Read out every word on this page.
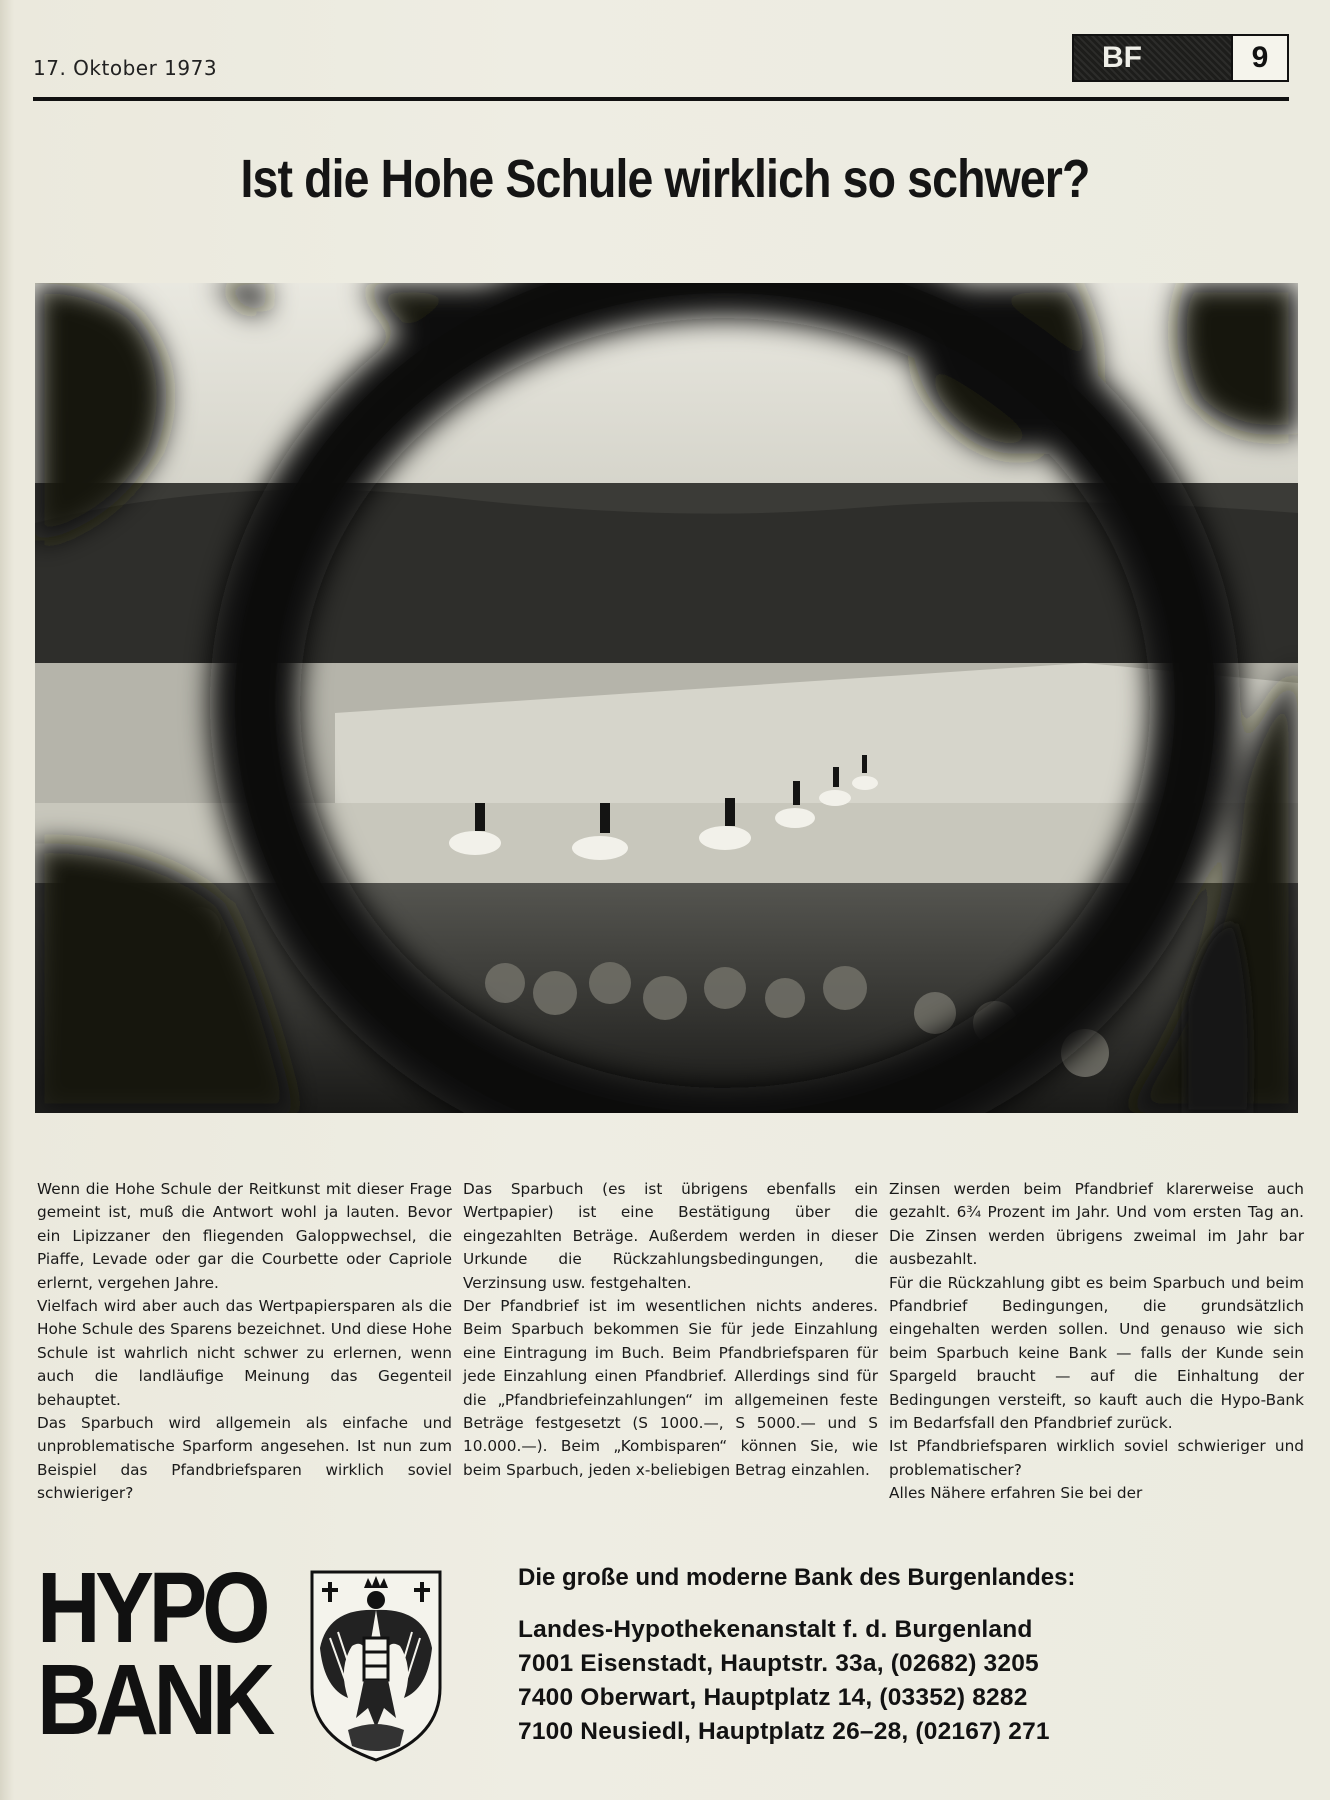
17. Oktober 1973	BF	9
Ist die Hohe Schule wirklich so schwer?

Wenn die Hohe Schule der Reitkunst mit dieser Frage gemeint ist, muß die Antwort wohl ja lauten. Bevor ein Lipizzaner den fliegenden Galoppwechsel, die Piaffe, Levade oder gar die Courbette oder Capriole erlernt, vergehen Jahre.

Vielfach wird aber auch das Wertpapiersparen als die Hohe Schule des Sparens bezeichnet. Und diese Hohe Schule ist wahrlich nicht schwer zu erlernen, wenn auch die landläufige Meinung das Gegenteil behauptet.

Das Sparbuch wird allgemein als einfache und unproblematische Sparform angesehen. Ist nun zum Beispiel das Pfandbriefsparen wirklich soviel schwieriger?

Das Sparbuch (es ist übrigens ebenfalls ein Wertpapier) ist eine Bestätigung über die eingezahlten Beträge. Außerdem werden in dieser Urkunde die Rückzahlungsbedingungen, die Verzinsung usw. festgehalten.

Der Pfandbrief ist im wesentlichen nichts anderes. Beim Sparbuch bekommen Sie für jede Einzahlung eine Eintragung im Buch. Beim Pfandbriefsparen für jede Einzahlung einen Pfandbrief. Allerdings sind für die „Pfandbriefeinzahlungen“ im allgemeinen feste Beträge festgesetzt (S 1000.—, S 5000.— und S 10.000.—). Beim „Kombisparen“ können Sie, wie beim Sparbuch, jeden x-beliebigen Betrag einzahlen.

Zinsen werden beim Pfandbrief klarerweise auch gezahlt. 6¾ Prozent im Jahr. Und vom ersten Tag an. Die Zinsen werden übrigens zweimal im Jahr bar ausbezahlt.

Für die Rückzahlung gibt es beim Sparbuch und beim Pfandbrief Bedingungen, die grundsätzlich eingehalten werden sollen. Und genauso wie sich beim Sparbuch keine Bank — falls der Kunde sein Spargeld braucht — auf die Einhaltung der Bedingungen versteift, so kauft auch die Hypo-Bank im Bedarfsfall den Pfandbrief zurück.

Ist Pfandbriefsparen wirklich soviel schwieriger und problematischer?

Alles Nähere erfahren Sie bei der

HYPO
BANK
Die große und moderne Bank des Burgenlandes:
Landes-Hypothekenanstalt f. d. Burgenland
7001 Eisenstadt, Hauptstr. 33a, (02682) 3205
7400 Oberwart, Hauptplatz 14, (03352) 8282
7100 Neusiedl, Hauptplatz 26–28, (02167) 271
